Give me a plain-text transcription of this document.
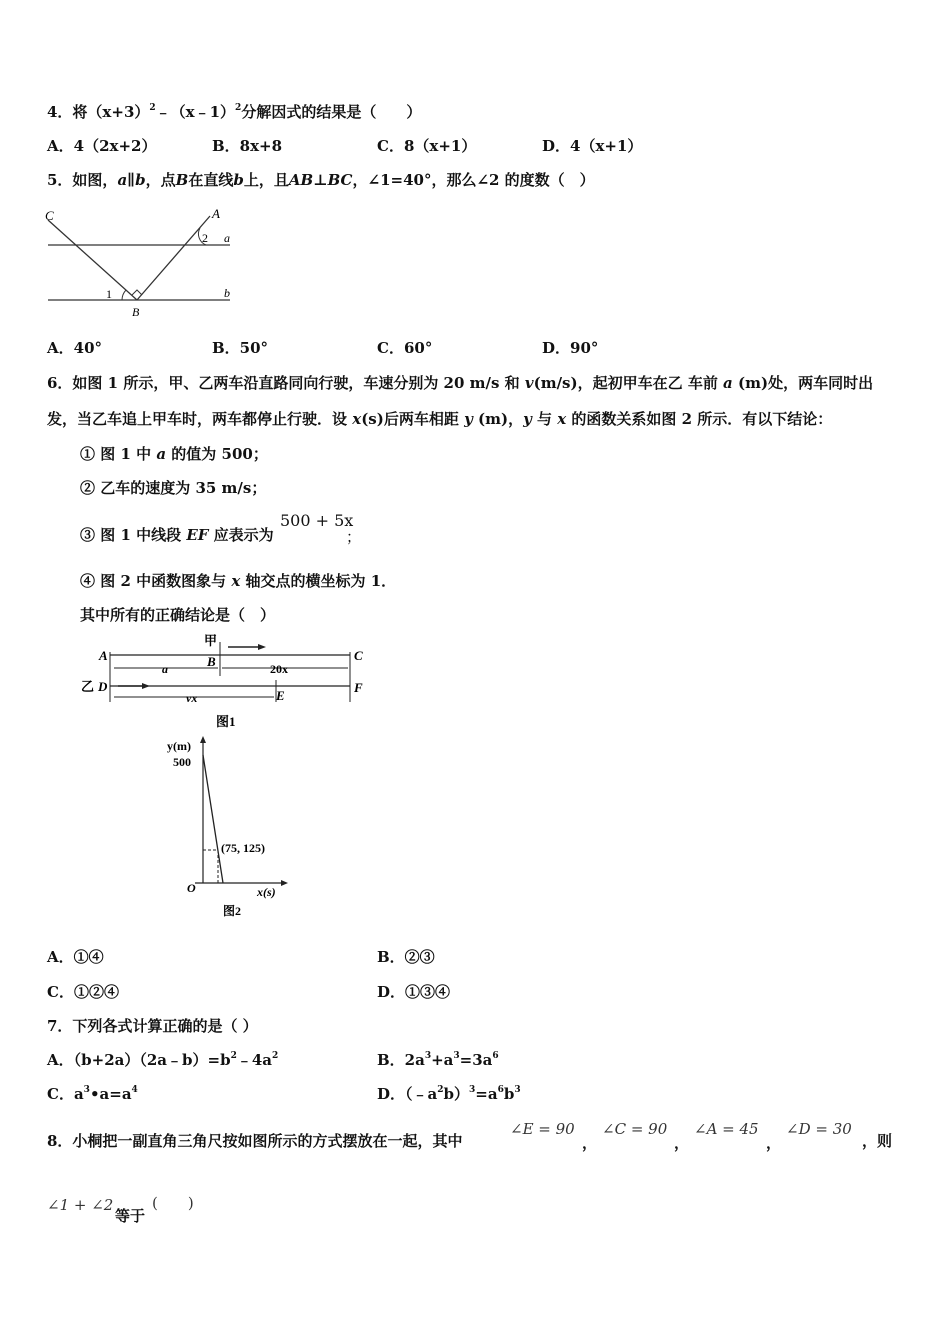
4．将$(x+3)^2﹣(x﹣1)^2$分解因式的结果是（　　）
A．4（2x+2）	B．8x+8	C．8（x+1）	D．4（x+1）
5．如图，a∥b，点B在直线b上，且AB⊥BC，∠1=40°，那么∠2 的度数（　）
C	A
2 a
1	b
B
A．40°	B．50°	C．60°	D．90°
6．如图 1 所示，甲、乙两车沿直路同向行驶，车速分别为 20 m/s 和 v(m/s)，起初甲车在乙 车前 a (m)处，两车同时出
发，当乙车追上甲车时，两车都停止行驶．设 x(s)后两车相距 y (m)，y 与 x 的函数关系如图 2 所示．有以下结论：
① 图 1 中 a 的值为 500；
② 乙车的速度为 35 m/s；
③ 图 1 中线段 EF 应表示为
500 + 5x
；
④ 图 2 中函数图象与 x 轴交点的横坐标为 1．
其中所有的正确结论是（　）
甲
A	B	C
a	20x
乙 D
vx	E
F
图1
y(m)
500
(75, 125)
O	x(s)
图2
A．①④	B．②③
C．①②④	D．①③④
7．下列各式计算正确的是（ ）
A．$(b+2a)(2a﹣b)=b^2﹣4a^2$	B．$2a^3+a^3=3a^6$
C．$a^3•a=a^4$	D．$(﹣a^2b)^3=a^6b^3$
8．小桐把一副直角三角尺按如图所示的方式摆放在一起，其中
∠E = 90
，
∠C = 90
，
∠A = 45
，
∠D = 30
，则
∠1 + ∠2
等于
(　　)
